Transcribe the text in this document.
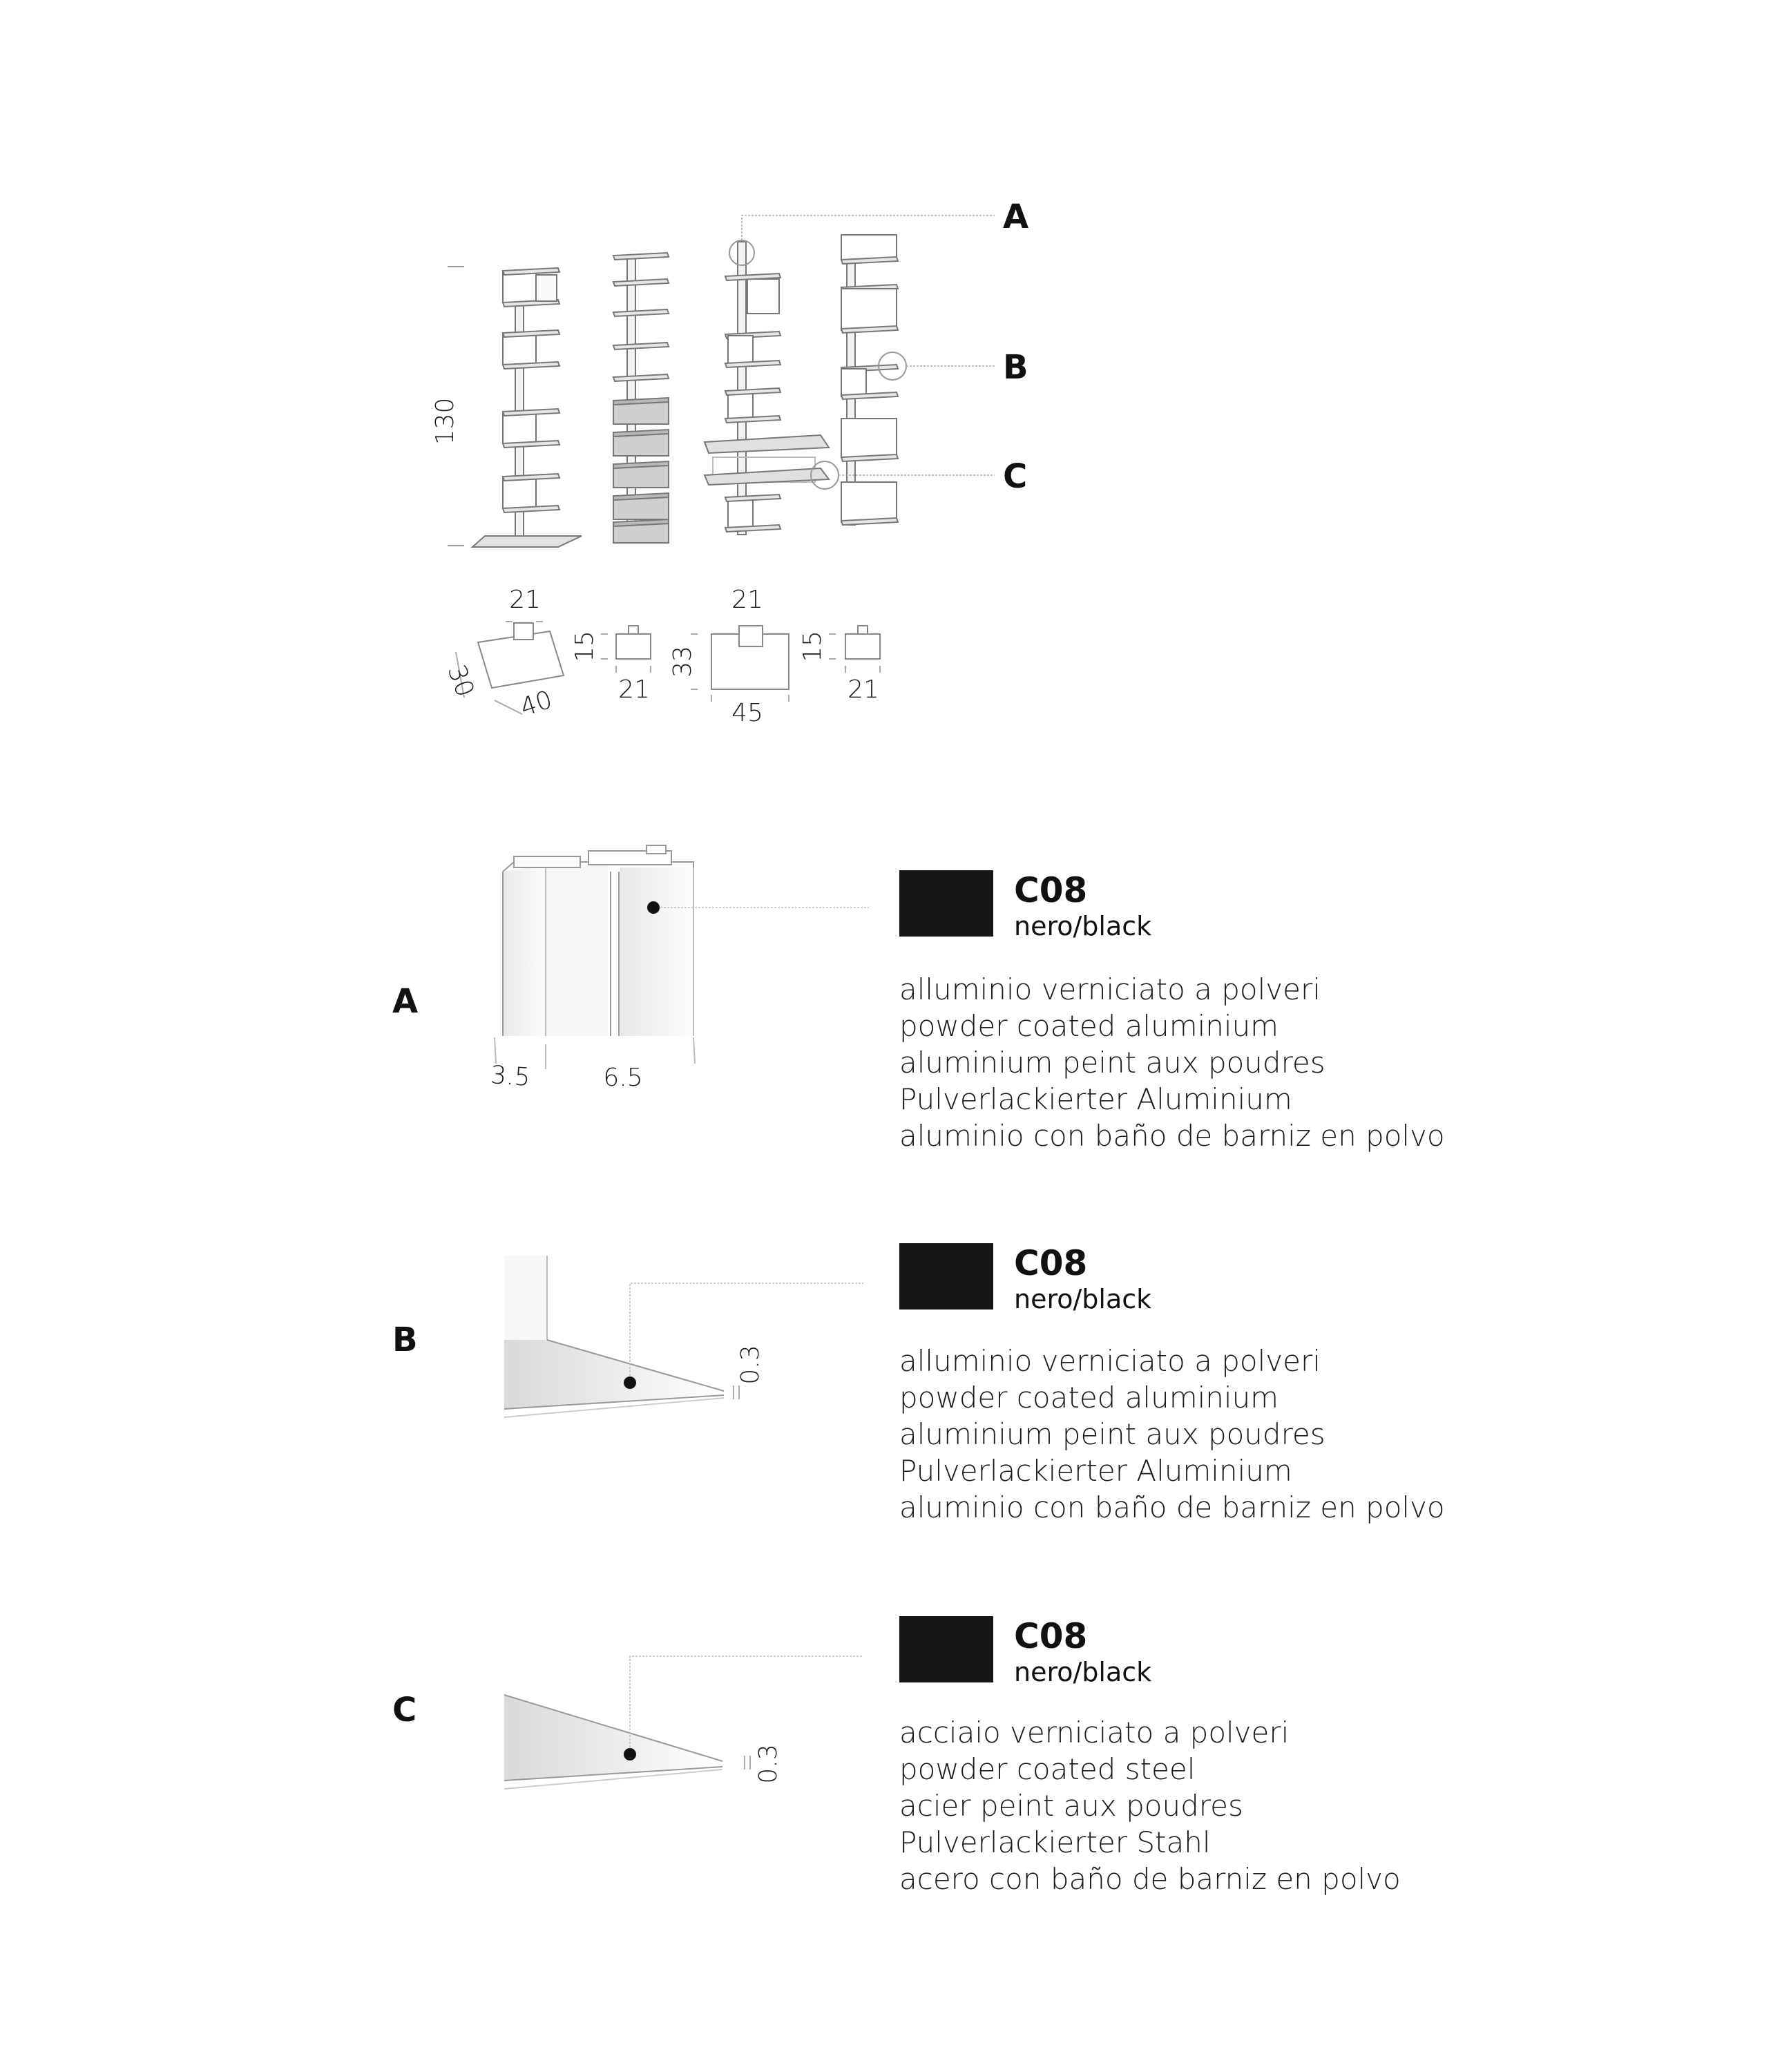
130
A
B
C
21
30
40
15
21
21
33
45
15
21
3.5	6.5
0.3
0.3
A
C08
nero/black
alluminio verniciato a polveri
powder coated aluminium
aluminium peint aux poudres
Pulverlackierter Aluminium
aluminio con baño de barniz en polvo
B
C08
nero/black
alluminio verniciato a polveri
powder coated aluminium
aluminium peint aux poudres
Pulverlackierter Aluminium
aluminio con baño de barniz en polvo
C
C08
nero/black
acciaio verniciato a polveri
powder coated steel
acier peint aux poudres
Pulverlackierter Stahl
acero con baño de barniz en polvo
